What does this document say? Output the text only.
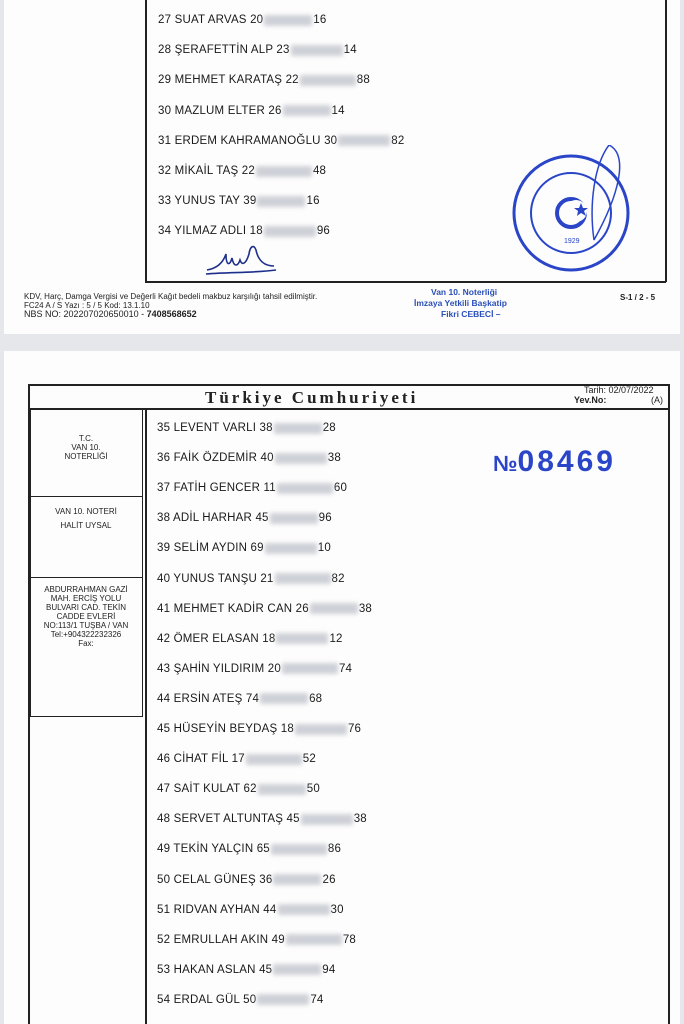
27 SUAT ARVAS 20	16
28 ŞERAFETTİN ALP 23	14
29 MEHMET KARATAŞ 22	88
30 MAZLUM ELTER 26	14
31 ERDEM KAHRAMANOĞLU 30	82
32 MİKAİL TAŞ 22	48
33 YUNUS TAY 39	16
34 YILMAZ ADLI 18	96
1929
KDV, Harç, Damga Vergisi ve Değerli Kağıt bedeli makbuz karşılığı tahsil edilmiştir.
FC24 A / S Yazı : 5 / 5 Kod: 13.1.10
NBS NO: 202207020650010 - 7408568652
Van 10. Noterliği
İmzaya Yetkili Başkatip
Fikri CEBECİ –
S-1 / 2 - 5
Türkiye Cumhuriyeti	Tarih: 02/07/2022
Yev.No:	(A)
T.C.
VAN 10.
NOTERLİĞİ
VAN 10. NOTERİ
HALİT UYSAL
ABDURRAHMAN GAZİ
MAH. ERCİŞ YOLU
BULVARI CAD. TEKİN
CADDE EVLERİ
NO:113/1 TUŞBA / VAN
Tel:+904322232326
Fax:
№08469
35 LEVENT VARLI 38	28
36 FAİK ÖZDEMİR 40	38
37 FATİH GENCER 11	60
38 ADİL HARHAR 45	96
39 SELİM AYDIN 69	10
40 YUNUS TANŞU 21	82
41 MEHMET KADİR CAN 26	38
42 ÖMER ELASAN 18	12
43 ŞAHİN YILDIRIM 20	74
44 ERSİN ATEŞ 74	68
45 HÜSEYİN BEYDAŞ 18	76
46 CİHAT FİL 17	52
47 SAİT KULAT 62	50
48 SERVET ALTUNTAŞ 45	38
49 TEKİN YALÇIN 65	86
50 CELAL GÜNEŞ 36	26
51 RIDVAN AYHAN 44	30
52 EMRULLAH AKIN 49	78
53 HAKAN ASLAN 45	94
54 ERDAL GÜL 50	74
